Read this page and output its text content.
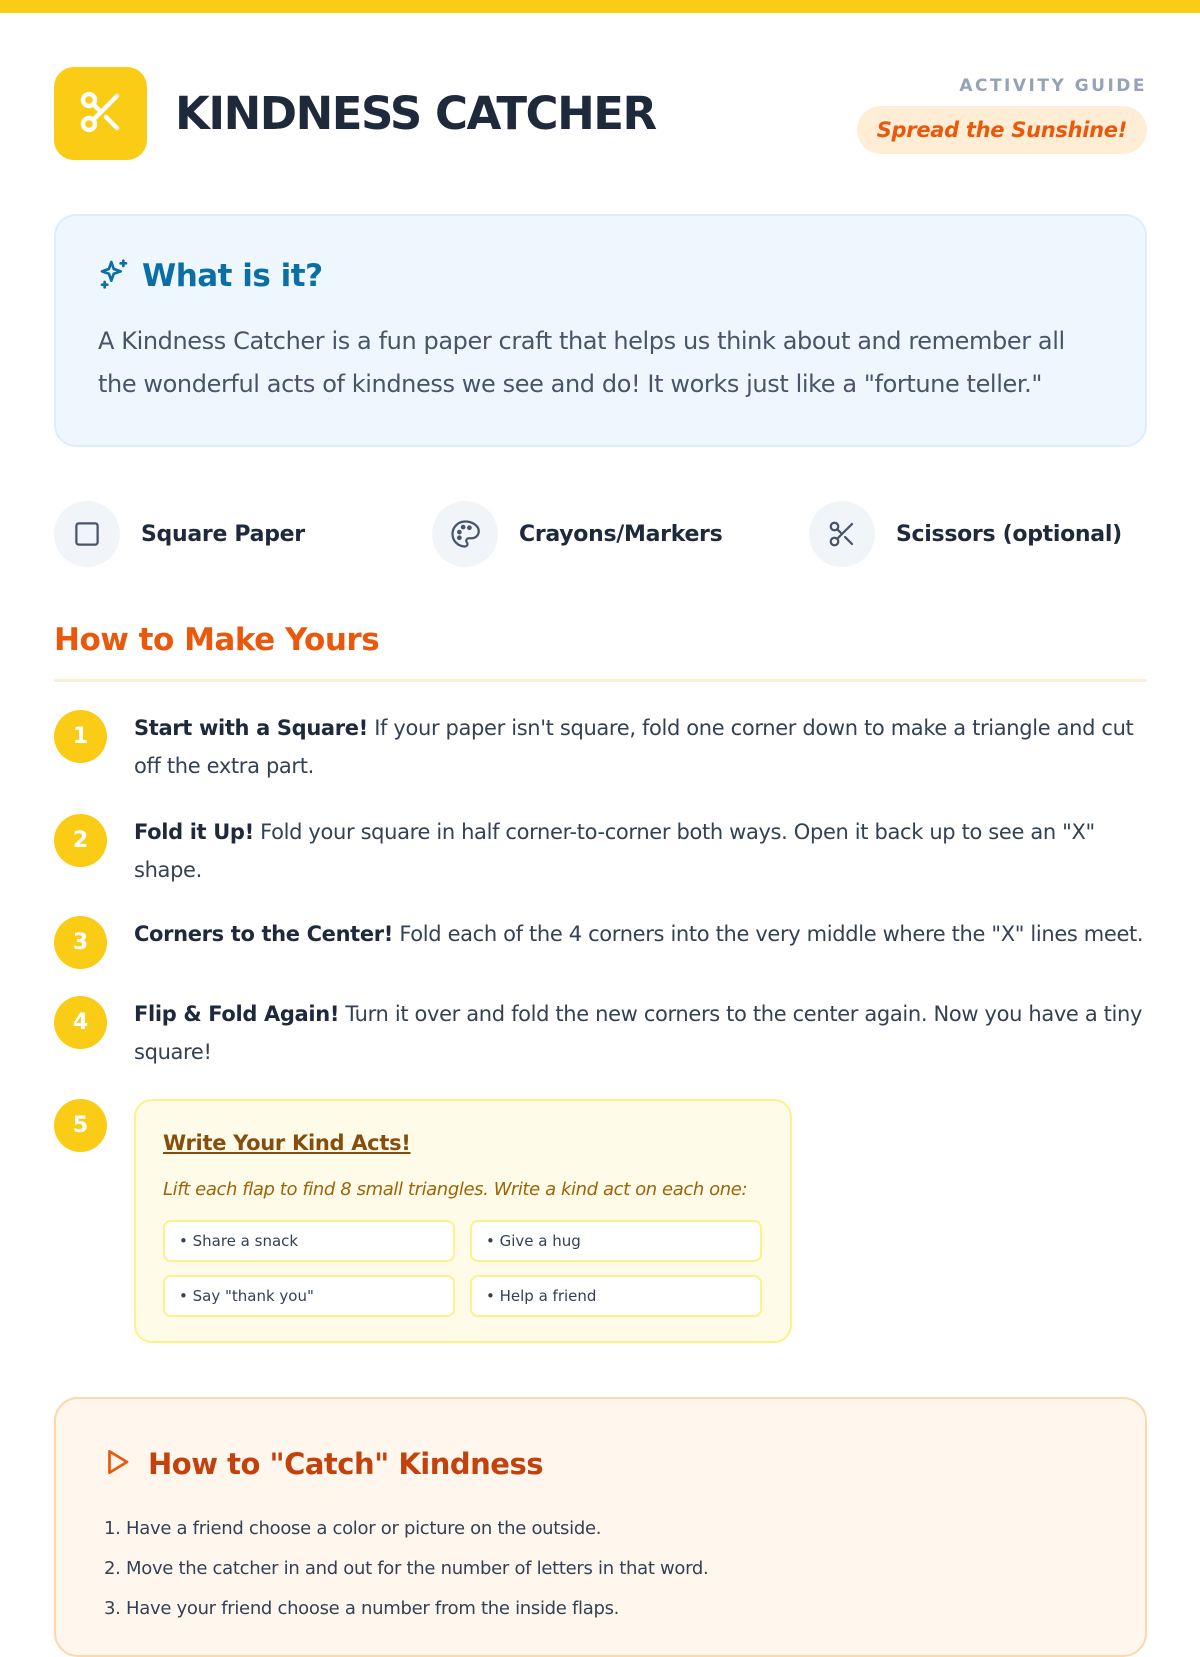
KINDNESS CATCHER
ACTIVITY GUIDE
Spread the Sunshine!
What is it?

A Kindness Catcher is a fun paper craft that helps us think about and remember all the wonderful acts of kindness we see and do! It works just like a "fortune teller."

Square Paper	Crayons/Markers	Scissors (optional)
How to Make Yours
1	Start with a Square! If your paper isn't square, fold one corner down to make a triangle and cut off the extra part.
2	Fold it Up! Fold your square in half corner-to-corner both ways. Open it back up to see an "X" shape.
3	Corners to the Center! Fold each of the 4 corners into the very middle where the "X" lines meet.
4	Flip & Fold Again! Turn it over and fold the new corners to the center again. Now you have a tiny square!
5
Write Your Kind Acts!
Lift each flap to find 8 small triangles. Write a kind act on each one:
• Share a snack	• Give a hug
• Say "thank you"	• Help a friend
How to "Catch" Kindness
1. Have a friend choose a color or picture on the outside.
2. Move the catcher in and out for the number of letters in that word.
3. Have your friend choose a number from the inside flaps.
